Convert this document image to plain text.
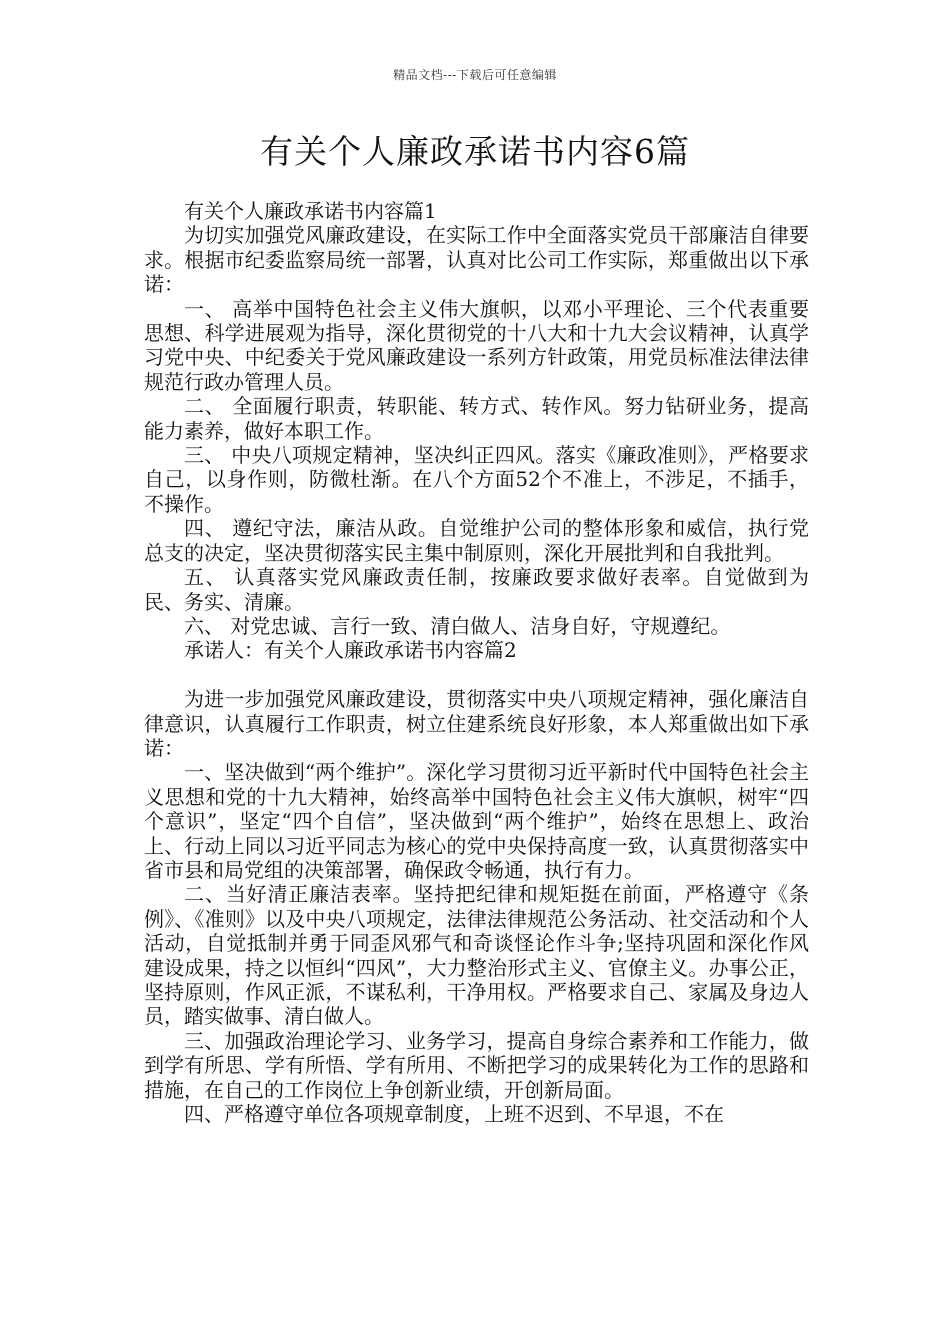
精品文档---下载后可任意编辑
有关个人廉政承诺书内容6篇

有关个人廉政承诺书内容篇1

为切实加强党风廉政建设，在实际工作中全面落实党员干部廉洁自律要求。根据市纪委监察局统一部署，认真对比公司工作实际，郑重做出以下承诺：

一、 高举中国特色社会主义伟大旗帜，以邓小平理论、三个代表重要思想、科学进展观为指导，深化贯彻党的十八大和十九大会议精神，认真学习党中央、中纪委关于党风廉政建设一系列方针政策，用党员标准法律法律规范行政办管理人员。

二、 全面履行职责，转职能、转方式、转作风。努力钻研业务，提高能力素养，做好本职工作。

三、 中央八项规定精神，坚决纠正四风。落实《廉政准则》，严格要求自己，以身作则，防微杜渐。在八个方面52个不准上，不涉足，不插手，不操作。

四、 遵纪守法，廉洁从政。自觉维护公司的整体形象和威信，执行党总支的决定，坚决贯彻落实民主集中制原则，深化开展批判和自我批判。

五、 认真落实党风廉政责任制，按廉政要求做好表率。自觉做到为民、务实、清廉。

六、 对党忠诚、言行一致、清白做人、洁身自好，守规遵纪。

承诺人：有关个人廉政承诺书内容篇2

为进一步加强党风廉政建设，贯彻落实中央八项规定精神，强化廉洁自律意识，认真履行工作职责，树立住建系统良好形象，本人郑重做出如下承诺：

一、坚决做到“两个维护”。深化学习贯彻习近平新时代中国特色社会主义思想和党的十九大精神，始终高举中国特色社会主义伟大旗帜，树牢“四个意识”，坚定“四个自信”，坚决做到“两个维护”，始终在思想上、政治上、行动上同以习近平同志为核心的党中央保持高度一致，认真贯彻落实中省市县和局党组的决策部署，确保政令畅通，执行有力。

二、当好清正廉洁表率。坚持把纪律和规矩挺在前面，严格遵守《条例》、《准则》以及中央八项规定，法律法律规范公务活动、社交活动和个人活动，自觉抵制并勇于同歪风邪气和奇谈怪论作斗争;坚持巩固和深化作风建设成果，持之以恒纠“四风”，大力整治形式主义、官僚主义。办事公正，坚持原则，作风正派，不谋私利，干净用权。严格要求自己、家属及身边人员，踏实做事、清白做人。

三、加强政治理论学习、业务学习，提高自身综合素养和工作能力，做到学有所思、学有所悟、学有所用、不断把学习的成果转化为工作的思路和措施，在自己的工作岗位上争创新业绩，开创新局面。

四、严格遵守单位各项规章制度，上班不迟到、不早退，不在
